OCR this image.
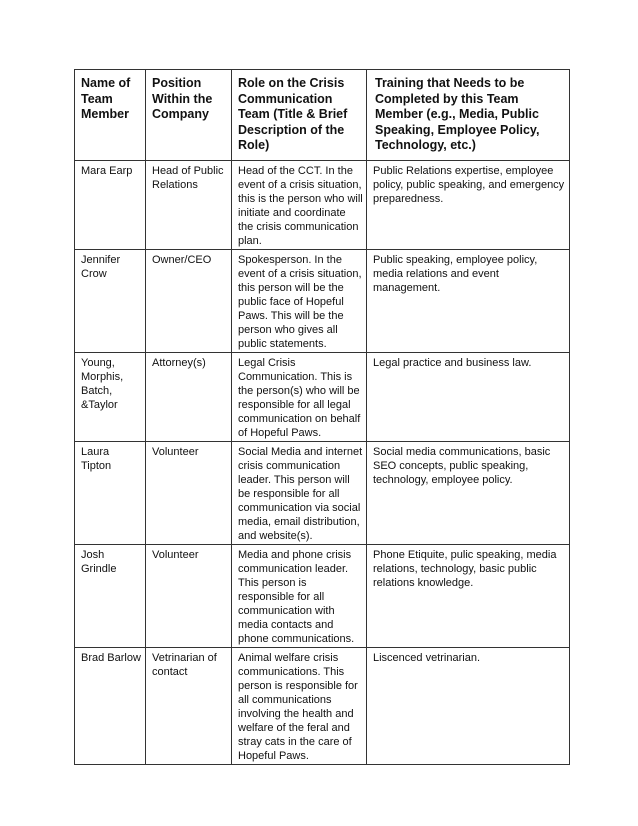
Name of Team Member	Position Within the Company	Role on the Crisis Communication Team (Title & Brief Description of the Role)	Training that Needs to be Completed by this Team Member (e.g., Media, Public Speaking, Employee Policy, Technology, etc.)
Mara Earp	Head of Public Relations	Head of the CCT. In the event of a crisis situation, this is the person who will initiate and coordinate the crisis communication plan.	Public Relations expertise, employee policy, public speaking, and emergency preparedness.
Jennifer Crow	Owner/CEO	Spokesperson. In the event of a crisis situation, this person will be the public face of Hopeful Paws. This will be the person who gives all public statements.	Public speaking, employee policy, media relations and event management.
Young, Morphis, Batch, &Taylor	Attorney(s)	Legal Crisis Communication. This is the person(s) who will be responsible for all legal communication on behalf of Hopeful Paws.	Legal practice and business law.
Laura Tipton	Volunteer	Social Media and internet crisis communication leader. This person will be responsible for all communication via social media, email distribution, and website(s).	Social media communications, basic SEO concepts, public speaking, technology, employee policy.
Josh Grindle	Volunteer	Media and phone crisis communication leader. This person is responsible for all communication with media contacts and phone communications.	Phone Etiquite, pulic speaking, media relations, technology, basic public relations knowledge.
Brad Barlow	Vetrinarian of contact	Animal welfare crisis communications. This person is responsible for all communications involving the health and welfare of the feral and stray cats in the care of Hopeful Paws.	Liscenced vetrinarian.
